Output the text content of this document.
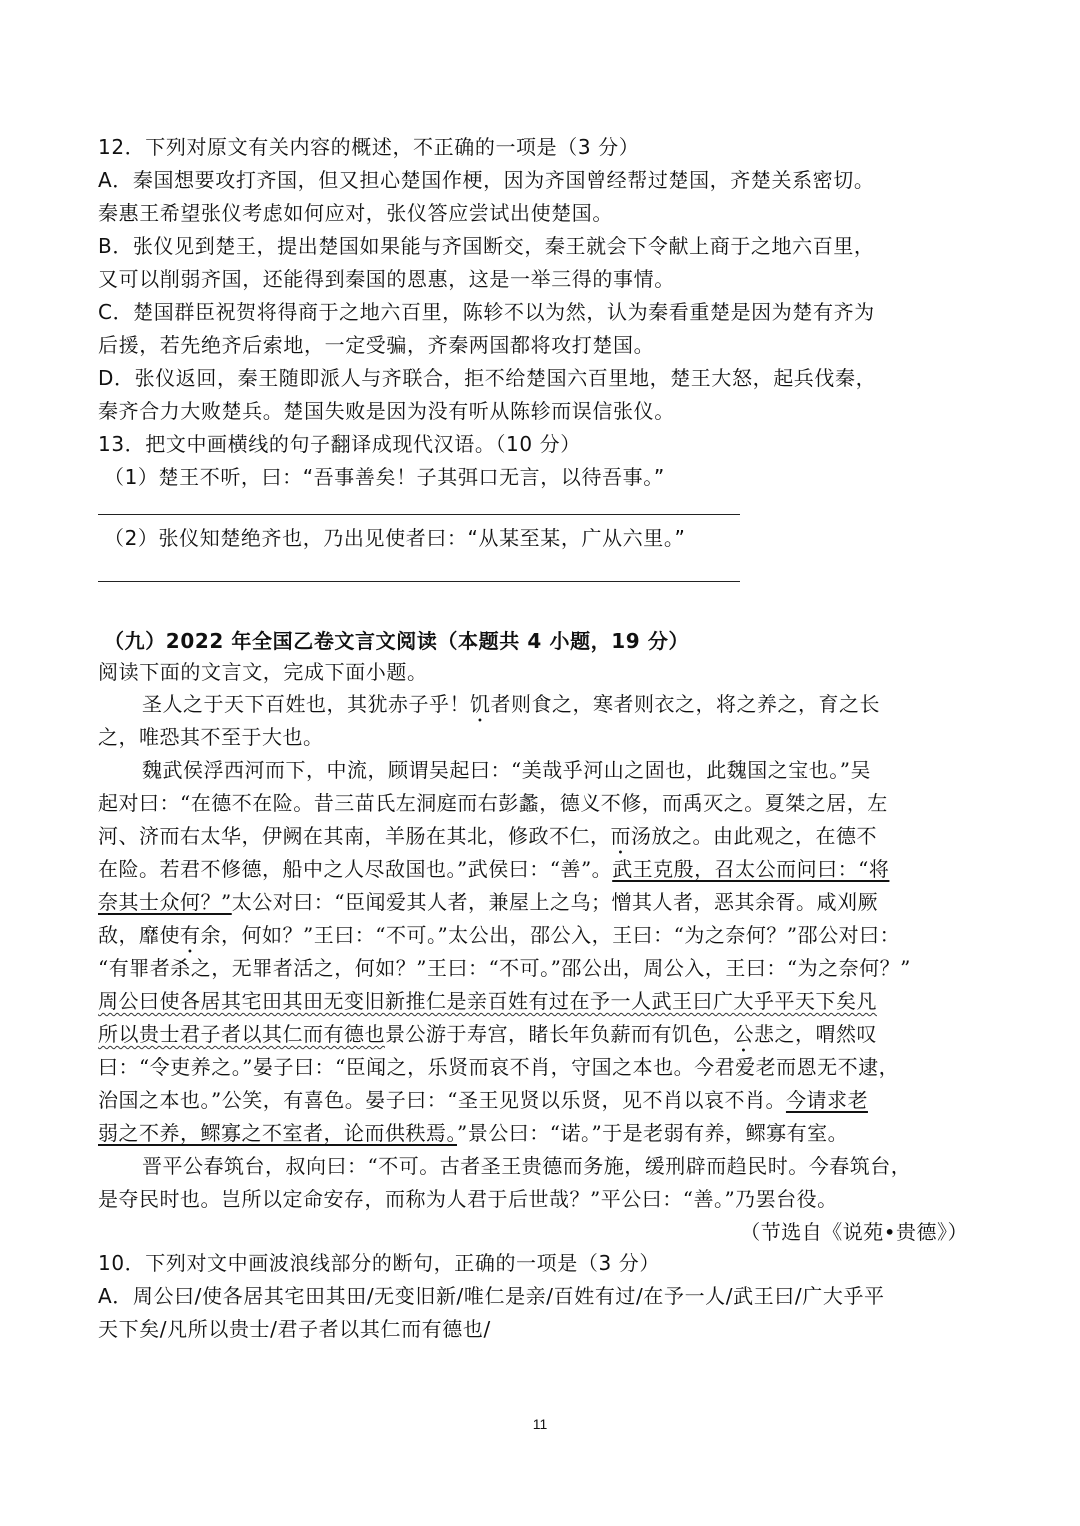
12．下列对原文有关内容的概述，不正确的一项是（3 分）
A．秦国想要攻打齐国，但又担心楚国作梗，因为齐国曾经帮过楚国，齐楚关系密切。
秦惠王希望张仪考虑如何应对，张仪答应尝试出使楚国。
B．张仪见到楚王，提出楚国如果能与齐国断交，秦王就会下令献上商于之地六百里，
又可以削弱齐国，还能得到秦国的恩惠，这是一举三得的事情。
C．楚国群臣祝贺将得商于之地六百里，陈轸不以为然，认为秦看重楚是因为楚有齐为
后援，若先绝齐后索地，一定受骗，齐秦两国都将攻打楚国。
D．张仪返回，秦王随即派人与齐联合，拒不给楚国六百里地，楚王大怒，起兵伐秦，
秦齐合力大败楚兵。楚国失败是因为没有听从陈轸而误信张仪。
13．把文中画横线的句子翻译成现代汉语。（10 分）
（1）楚王不听，曰：“吾事善矣！子其弭口无言，以待吾事。”
（2）张仪知楚绝齐也，乃出见使者曰：“从某至某，广从六里。”
（九）2022 年全国乙卷文言文阅读（本题共 4 小题，19 分）
阅读下面的文言文，完成下面小题。
圣人之于天下百姓也，其犹赤子乎！饥者则食之，寒者则衣之，将之养之，育之长
之，唯恐其不至于大也。
魏武侯浮西河而下，中流，顾谓吴起曰：“美哉乎河山之固也，此魏国之宝也。”吴
起对曰：“在德不在险。昔三苗氏左洞庭而右彭蠡，德义不修，而禹灭之。夏桀之居，左
河、济而右太华，伊阙在其南，羊肠在其北，修政不仁，而汤放之。由此观之，在德不
在险。若君不修德，船中之人尽敌国也。”武侯曰：“善”。武王克殷，召太公而问曰：“将
奈其士众何？”太公对曰：“臣闻爱其人者，兼屋上之乌；憎其人者，恶其余胥。咸刈厥
敌，靡使有余，何如？”王曰：“不可。”太公出，邵公入，王曰：“为之奈何？”邵公对曰：
“有罪者杀之，无罪者活之，何如？”王曰：“不可。”邵公出，周公入，王曰：“为之奈何？”
周公曰使各居其宅田其田无变旧新推仁是亲百姓有过在予一人武王曰广大乎平天下矣凡
所以贵士君子者以其仁而有德也景公游于寿宫，睹长年负薪而有饥色，公悲之，喟然叹
曰：“令吏养之。”晏子曰：“臣闻之，乐贤而哀不肖，守国之本也。今君爱老而恩无不逮，
治国之本也。”公笑，有喜色。晏子曰：“圣王见贤以乐贤，见不肖以哀不肖。今请求老
弱之不养，鳏寡之不室者，论而供秩焉。”景公曰：“诺。”于是老弱有养，鳏寡有室。
晋平公春筑台，叔向曰：“不可。古者圣王贵德而务施，缓刑辟而趋民时。今春筑台，
是夺民时也。岂所以定命安存，而称为人君于后世哉？”平公曰：“善。”乃罢台役。
（节选自《说苑•贵德》）
10．下列对文中画波浪线部分的断句，正确的一项是（3 分）
A．周公曰/使各居其宅田其田/无变旧新/唯仁是亲/百姓有过/在予一人/武王曰/广大乎平
天下矣/凡所以贵士/君子者以其仁而有德也/
11
